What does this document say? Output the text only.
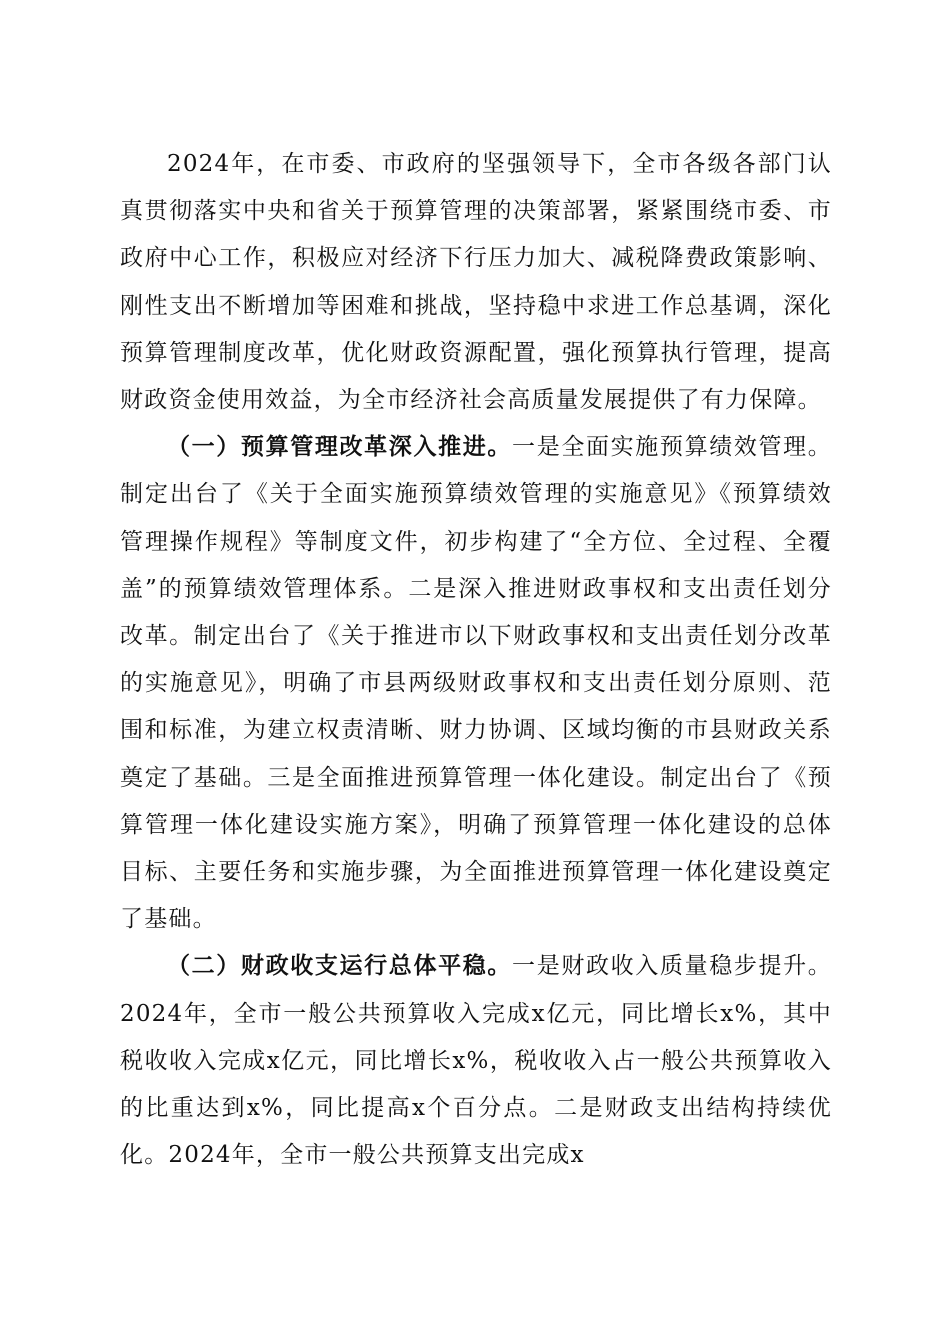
2024年，在市委、市政府的坚强领导下，全市各级各部门认真贯彻落实中央和省关于预算管理的决策部署，紧紧围绕市委、市政府中心工作，积极应对经济下行压力加大、减税降费政策影响、刚性支出不断增加等困难和挑战，坚持稳中求进工作总基调，深化预算管理制度改革，优化财政资源配置，强化预算执行管理，提高财政资金使用效益，为全市经济社会高质量发展提供了有力保障。

（一）预算管理改革深入推进。一是全面实施预算绩效管理。制定出台了《关于全面实施预算绩效管理的实施意见》《预算绩效管理操作规程》等制度文件，初步构建了“全方位、全过程、全覆盖”的预算绩效管理体系。二是深入推进财政事权和支出责任划分改革。制定出台了《关于推进市以下财政事权和支出责任划分改革的实施意见》，明确了市县两级财政事权和支出责任划分原则、范围和标准，为建立权责清晰、财力协调、区域均衡的市县财政关系奠定了基础。三是全面推进预算管理一体化建设。制定出台了《预算管理一体化建设实施方案》，明确了预算管理一体化建设的总体目标、主要任务和实施步骤，为全面推进预算管理一体化建设奠定了基础。

（二）财政收支运行总体平稳。一是财政收入质量稳步提升。2024年，全市一般公共预算收入完成x亿元，同比增长x%，其中税收收入完成x亿元，同比增长x%，税收收入占一般公共预算收入的比重达到x%，同比提高x个百分点。二是财政支出结构持续优化。2024年，全市一般公共预算支出完成x
